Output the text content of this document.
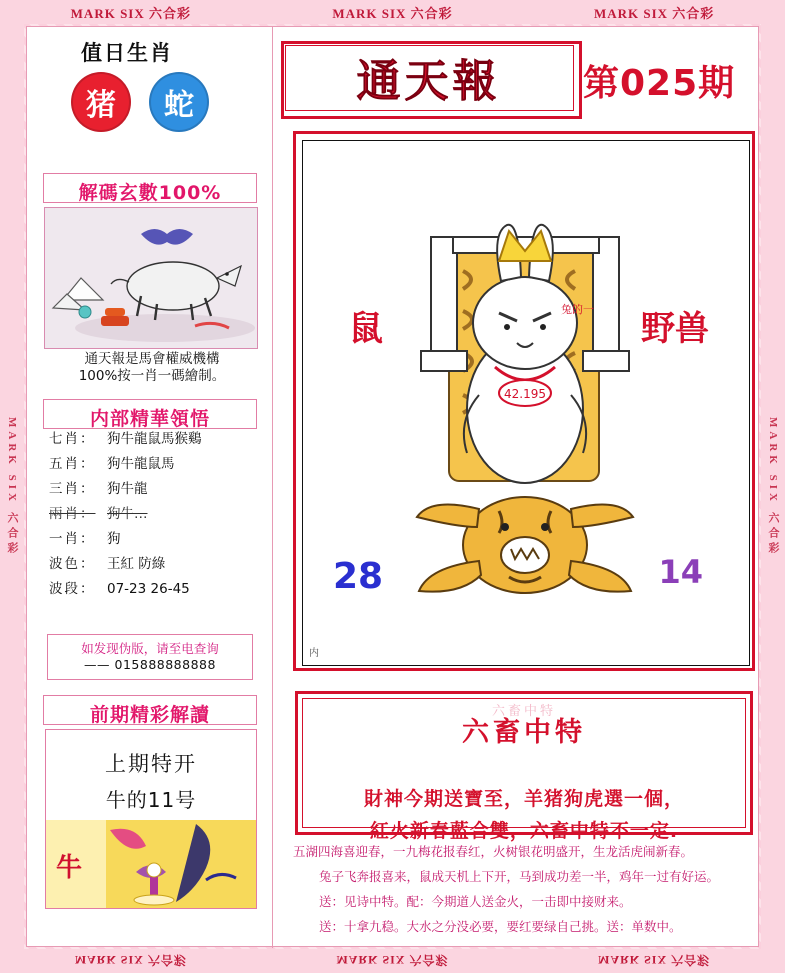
MARK SIX 六合彩	MARK SIX 六合彩	MARK SIX 六合彩
MARK SIX 六合彩	MARK SIX 六合彩	MARK SIX 六合彩
MARK SIX 六合彩	MARK SIX 六合彩
值日生肖
猪	蛇
解碼玄數100%
通天報是馬會權威機構
100%按一肖一碼繪制。
内部精華領悟
七肖： 狗牛龍鼠馬猴鷄
五肖： 狗牛龍鼠馬
三肖： 狗牛龍
兩肖： 狗牛…
一肖： 狗
波色： 王紅 防綠
波段： 07-23 26-45
如发现伪版，请至电查询
—— 015888888888
前期精彩解讀
上期特开
牛的11号
牛
通天報	第025期
鼠	野兽
42.195
兔的一
28	14
内
六畜中特
六畜中特
財神今期送寶至，羊猪狗虎選一個，
紅火新春藍合雙，六畜中特不一定.
五湖四海喜迎春，一九梅花报春红，火树银花明盛开，生龙活虎闹新春。
兔子飞奔报喜来，鼠成天机上下开，马到成功差一半，鸡年一过有好运。
送：见诗中特。配：今期道人送金火，一击即中接财来。
送：十拿九稳。大水之分没必要，要红要绿自己挑。送：单数中。
